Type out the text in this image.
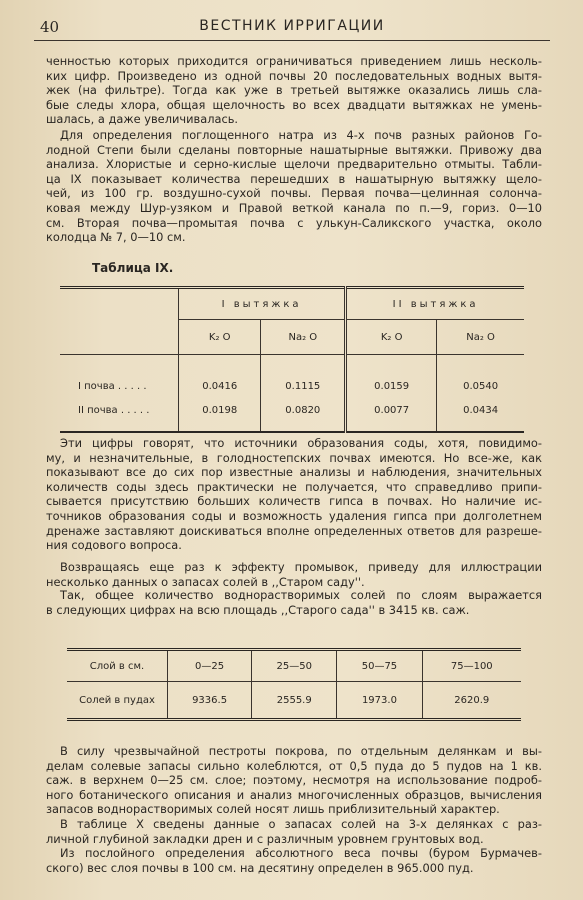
40	ВЕСТНИК ИРРИГАЦИИ

ченностью которых приходится ограничиваться приведением лишь несколь-
ких цифр. Произведено из одной почвы 20 последовательных водных вытя-
жек (на фильтре). Тогда как уже в третьей вытяжке оказались лишь сла-
бые следы хлора, общая щелочность во всех двадцати вытяжках не умень-
шалась, а даже увеличивалась.

Для определения поглощенного натра из 4-х почв разных районов Го-
лодной Степи были сделаны повторные нашатырные вытяжки. Привожу два
анализа. Хлористые и серно-кислые щелочи предварительно отмыты. Табли-
ца IX показывает количества перешедших в нашатырную вытяжку щело-
чей, из 100 гр. воздушно-сухой почвы. Первая почва—целинная солончa-
ковая между Шур-узяком и Правой веткой канала по п.—9, гориз. 0—10
см. Вторая почва—промытая почва с улькун-Саликского участка, около
колодца № 7, 0—10 см.

Таблица IX.
	I вытяжка		II вытяжка	
	K₂ O	Na₂ O	K₂ O	Na₂ O
I почва . . . . .	0.0416	0.1115	0.0159	0.0540
II почва . . . . .	0.0198	0.0820	0.0077	0.0434

Эти цифры говорят, что источники образования соды, хотя, повидимо-
му, и незначительные, в голодностепских почвах имеются. Но все-же, как
показывают все до сих пор известные анализы и наблюдения, значительных
количеств соды здесь практически не получается, что справедливо припи-
сывается присутствию больших количеств гипса в почвах. Но наличие ис-
точников образования соды и возможность удаления гипса при долголетнем
дренаже заставляют доискиваться вполне определенных ответов для разреше-
ния содового вопроса.

Возвращаясь еще раз к эффекту промывок, приведу для иллюстрации
несколько данных о запасах солей в ,,Старом саду''.

Так, общее количество воднорастворимых солей по слоям выражается
в следующих цифрах на всю площадь ,,Старого сада'' в 3415 кв. саж.

Слой в см.	0—25	25—50	50—75	75—100
Солей в пудах	9336.5	2555.9	1973.0	2620.9

В силу чрезвычайной пестроты покрова, по отдельным делянкам и вы-
делам солевые запасы сильно колеблются, от 0,5 пуда до 5 пудов на 1 кв.
саж. в верхнем 0—25 см. слое; поэтому, несмотря на использование подроб-
ного ботанического описания и анализ многочисленных образцов, вычисления
запасов воднорастворимых солей носят лишь приблизительный характер.

В таблице X сведены данные о запасах солей на 3-х делянках с раз-
личной глубиной закладки дрен и с различным уровнем грунтовых вод.

Из послойного определения абсолютного веса почвы (буром Бурмачев-
ского) вес слоя почвы в 100 см. на десятину определен в 965.000 пуд.
